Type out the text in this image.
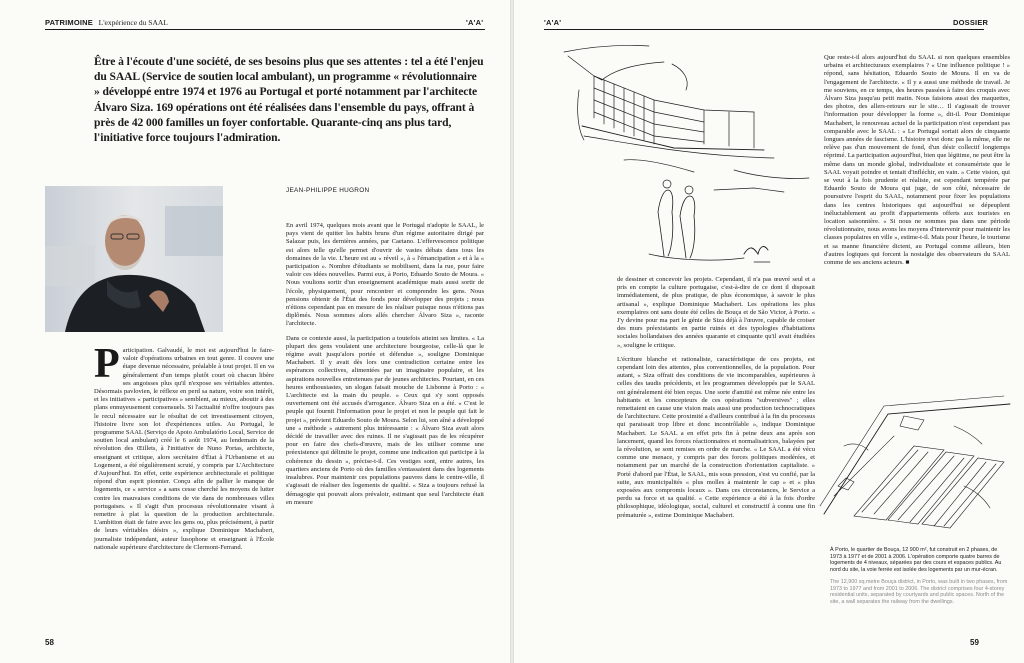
PATRIMOINE L'expérience du SAAL	'A'A'
Être à l'écoute d'une société, de ses besoins plus que ses attentes : tel a été l'enjeu du SAAL (Service de soutien local ambulant), un programme « révolutionnaire » développé entre 1974 et 1976 au Portugal et porté notamment par l'architecte Álvaro Siza. 169 opérations ont été réalisées dans l'ensemble du pays, offrant à près de 42 000 familles un foyer confortable. Quarante-cinq ans plus tard, l'initiative force toujours l'admiration.
JEAN-PHILIPPE HUGRON
P articipation. Galvaudé, le mot est aujourd'hui le faire-valoir d'opérations urbaines en tout genre. Il couvre une étape devenue nécessaire, préalable à tout projet. Il en va généralement d'un temps plutôt court où chacun libère ses angoisses plus qu'il n'expose ses véritables attentes. Désormais pavlovien, le réflexe en perd sa nature, voire son intérêt, et les initiatives « participatives » semblent, au mieux, aboutir à des plans ennuyeusement consensuels. Si l'actualité n'offre toujours pas le recul nécessaire sur le résultat de cet investissement citoyen, l'histoire livre son lot d'expériences utiles. Au Portugal, le programme SAAL (Serviço de Apoio Ambulatório Local, Service de soutien local ambulant) créé le 6 août 1974, au lendemain de la révolution des Œillets, à l'initiative de Nuno Portas, architecte, enseignant et critique, alors secrétaire d'État à l'Urbanisme et au Logement, a été régulièrement scruté, y compris par L'Architecture d'Aujourd'hui. En effet, cette expérience architecturale et politique répond d'un esprit pionnier. Conçu afin de pallier le manque de logements, ce « service » a sans cesse cherché les moyens de lutter contre les mauvaises conditions de vie dans de nombreuses villes portugaises. « Il s'agit d'un processus révolutionnaire visant à remettre à plat la question de la production architecturale. L'ambition était de faire avec les gens ou, plus précisément, à partir de leurs véritables désirs », explique Dominique Machabert, journaliste indépendant, auteur lusophone et enseignant à l'École nationale supérieure d'architecture de Clermont-Ferrand.

En avril 1974, quelques mois avant que le Portugal n'adopte le SAAL, le pays vient de quitter les habits bruns d'un régime autoritaire dirigé par Salazar puis, les dernières années, par Caetano. L'effervescence politique est alors telle qu'elle permet d'ouvrir de vastes débats dans tous les domaines de la vie. L'heure est au « réveil », à « l'émancipation » et à la « participation ». Nombre d'étudiants se mobilisent, dans la rue, pour faire valoir ces idées nouvelles. Parmi eux, à Porto, Eduardo Souto de Moura. « Nous voulions sortir d'un enseignement académique mais aussi sortir de l'école, physiquement, pour rencontrer et comprendre les gens. Nous pensions obtenir de l'État des fonds pour développer des projets ; nous n'étions cependant pas en mesure de les réaliser puisque nous n'étions pas diplômés. Nous sommes alors allés chercher Álvaro Siza », raconte l'architecte.

Dans ce contexte aussi, la participation a toutefois atteint ses limites. « La plupart des gens voulaient une architecture bourgeoise, celle-là que le régime avait jusqu'alors portée et défendue », souligne Dominique Machabert. Il y avait dès lors une contradiction certaine entre les espérances collectives, alimentées par un imaginaire populaire, et les aspirations nouvelles entretenues par de jeunes architectes. Pourtant, en ces heures enthousiastes, un slogan faisait mouche de Lisbonne à Porto : « L'architecte est la main du peuple. » Ceux qui s'y sont opposés ouvertement ont été accusés d'arrogance. Álvaro Siza en a été. « C'est le peuple qui fournit l'information pour le projet et non le peuple qui fait le projet », prévient Eduardo Souto de Moura. Selon lui, son aîné a développé une « méthode » autrement plus intéressante : « Álvaro Siza avait alors décidé de travailler avec des ruines. Il ne s'agissait pas de les récupérer pour en faire des chefs-d'œuvre, mais de les utiliser comme une préexistence qui délimite le projet, comme une indication qui participe à la cohérence du dessin », précise-t-il. Ces vestiges sont, entre autres, les quartiers anciens de Porto où des familles s'entassaient dans des logements insalubres. Pour maintenir ces populations pauvres dans le centre-ville, il s'agissait de réaliser des logements de qualité. « Siza a toujours refusé la démagogie qui pouvait alors prévaloir, estimant que seul l'architecte était en mesure

58
'A'A'	DOSSIER

de dessiner et concevoir les projets. Cependant, il n'a pas œuvré seul et a pris en compte la culture portugaise, c'est-à-dire de ce dont il disposait immédiatement, de plus pratique, de plus économique, à savoir le plus artisanal », explique Dominique Machabert. Les opérations les plus exemplaires ont sans doute été celles de Bouça et de São Victor, à Porto. « J'y devine pour ma part le génie de Siza déjà à l'œuvre, capable de croiser des murs préexistants en partie ruinés et des typologies d'habitations sociales hollandaises des années quarante et cinquante qu'il avait étudiées », souligne le critique.

L'écriture blanche et rationaliste, caractéristique de ces projets, est cependant loin des attentes, plus conventionnelles, de la population. Pour autant, « Siza offrait des conditions de vie incomparables, supérieures à celles des taudis précédents, et les programmes développés par le SAAL ont généralement été bien reçus. Une sorte d'amitié est même née entre les habitants et les concepteurs de ces opérations "subversives" ; elles remettaient en cause une vision mais aussi une production technocratiques de l'architecture. Cette proximité a d'ailleurs contribué à la fin du processus qui paraissait trop libre et donc incontrôlable », indique Dominique Machabert. Le SAAL a en effet pris fin à peine deux ans après son lancement, quand les forces réactionnaires et normalisatrices, balayées par la révolution, se sont remises en ordre de marche. « Le SAAL a été vécu comme une menace, y compris par des forces politiques modérées, et notamment par un marché de la construction d'orientation capitaliste. » Porté d'abord par l'État, le SAAL, mis sous pression, s'est vu confié, par la suite, aux municipalités « plus molles à maintenir le cap » et « plus exposées aux compromis locaux ». Dans ces circonstances, le Service a perdu sa force et sa qualité. « Cette expérience a été à la fois d'ordre philosophique, idéologique, social, culturel et constructif à connu une fin prématurée », estime Dominique Machabert.

Que reste-t-il alors aujourd'hui du SAAL si non quelques ensembles urbains et architecturaux exemplaires ? « Une influence politique ! » répond, sans hésitation, Eduardo Souto de Moura. Il en va de l'engagement de l'architecte. « Il y a aussi une méthode de travail. Je me souviens, en ce temps, des heures passées à faire des croquis avec Álvaro Siza jusqu'au petit matin. Nous faisions aussi des maquettes, des photos, des allers-retours sur le site… Il s'agissait de trouver l'information pour développer la forme », dit-il. Pour Dominique Machabert, le renouveau actuel de la participation n'est cependant pas comparable avec le SAAL : « Le Portugal sortait alors de cinquante longues années de fascisme. L'histoire n'est donc pas la même, elle ne relève pas d'un mouvement de fond, d'un désir collectif longtemps réprimé. La participation aujourd'hui, bien que légitime, ne peut être la même dans un monde global, individualiste et consumériste que le SAAL voyait poindre et tentait d'infléchir, en vain. » Cette vision, qui se veut à la fois prudente et réaliste, est cependant tempérée par Eduardo Souto de Moura qui juge, de son côté, nécessaire de poursuivre l'esprit du SAAL, notamment pour fixer les populations dans les centres historiques qui aujourd'hui se dépeuplent inéluctablement au profit d'appartements offerts aux touristes en location saisonnière. « Si nous ne sommes pas dans une période révolutionnaire, nous avons les moyens d'intervenir pour maintenir les classes populaires en ville », estime-t-il. Mais pour l'heure, le tourisme et sa manne financière dictent, au Portugal comme ailleurs, bien d'autres logiques qui forcent la nostalgie des observateurs du SAAL comme de ses anciens acteurs. ■

À Porto, le quartier de Bouça, 12 900 m², fut construit en 2 phases, de 1973 à 1977 et de 2001 à 2006. L'opération comporte quatre barres de logements de 4 niveaux, séparées par des cours et espaces publics. Au nord du site, la voie ferrée est isolée des logements par un mur-écran.
The 12,900 sq.metre Bouça district, in Porto, was built in two phases, from 1973 to 1977 and from 2001 to 2006. The district comprises four 4-storey residential units, separated by courtyards and public spaces. North of the site, a wall separates the railway from the dwellings.
59
